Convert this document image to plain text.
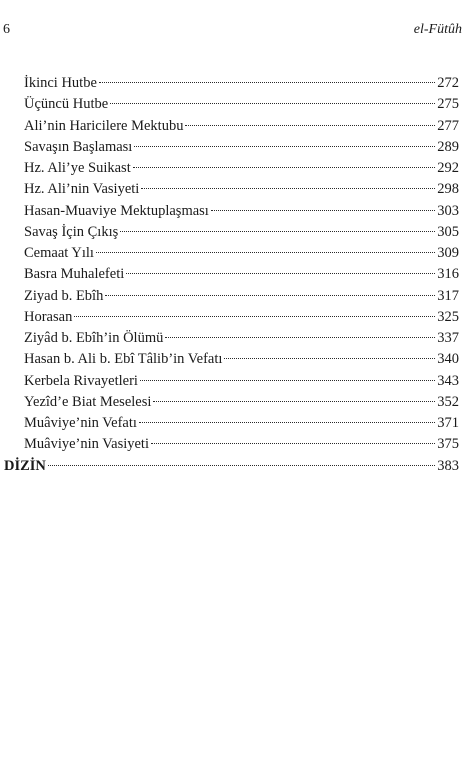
6	el-Fütûh
İkinci Hutbe	272
Üçüncü Hutbe	275
Ali’nin Haricilere Mektubu	277
Savaşın Başlaması	289
Hz. Ali’ye Suikast	292
Hz. Ali’nin Vasiyeti	298
Hasan-Muaviye Mektuplaşması	303
Savaş İçin Çıkış	305
Cemaat Yılı	309
Basra Muhalefeti	316
Ziyad b. Ebîh	317
Horasan	325
Ziyâd b. Ebîh’in Ölümü	337
Hasan b. Ali b. Ebî Tâlib’in Vefatı	340
Kerbela Rivayetleri	343
Yezîd’e Biat Meselesi	352
Muâviye’nin Vefatı	371
Muâviye’nin Vasiyeti	375
DİZİN	383
